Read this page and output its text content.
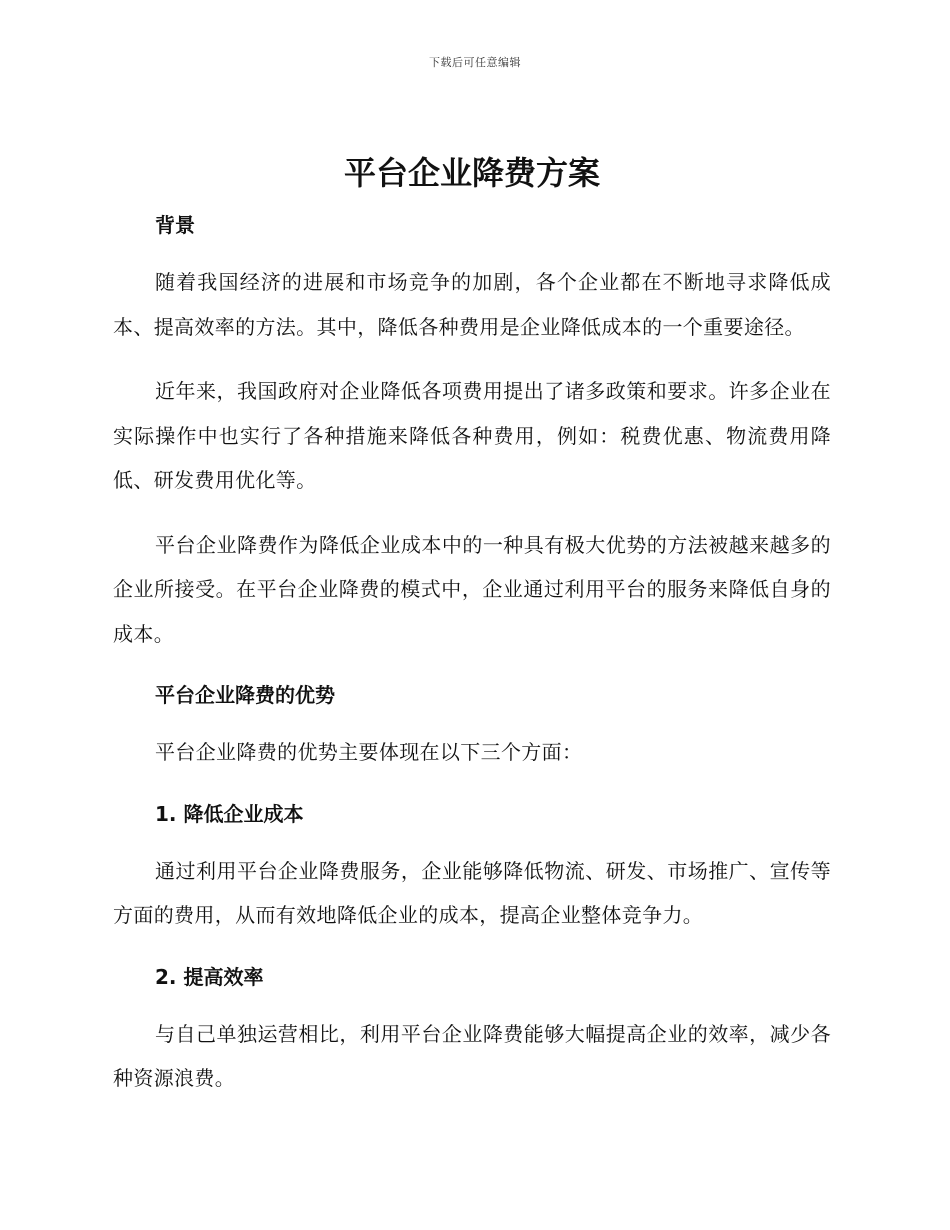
下载后可任意编辑
平台企业降费方案
背景

随着我国经济的进展和市场竞争的加剧，各个企业都在不断地寻求降低成本、提高效率的方法。其中，降低各种费用是企业降低成本的一个重要途径。

近年来，我国政府对企业降低各项费用提出了诸多政策和要求。许多企业在实际操作中也实行了各种措施来降低各种费用，例如：税费优惠、物流费用降低、研发费用优化等。

平台企业降费作为降低企业成本中的一种具有极大优势的方法被越来越多的企业所接受。在平台企业降费的模式中，企业通过利用平台的服务来降低自身的成本。

平台企业降费的优势

平台企业降费的优势主要体现在以下三个方面：

1. 降低企业成本

通过利用平台企业降费服务，企业能够降低物流、研发、市场推广、宣传等方面的费用，从而有效地降低企业的成本，提高企业整体竞争力。

2. 提高效率

与自己单独运营相比，利用平台企业降费能够大幅提高企业的效率，减少各种资源浪费。
